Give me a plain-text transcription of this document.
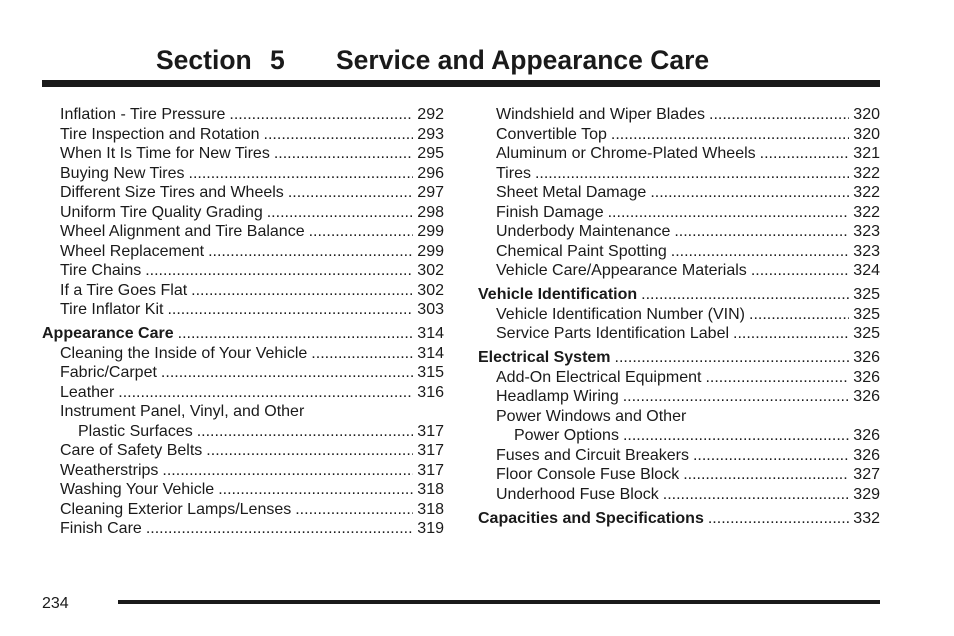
Section 5 Service and Appearance Care
Inflation - Tire Pressure .....	292
Tire Inspection and Rotation .....	293
When It Is Time for New Tires .....	295
Buying New Tires .....	296
Different Size Tires and Wheels .....	297
Uniform Tire Quality Grading .....	298
Wheel Alignment and Tire Balance .....	299
Wheel Replacement .....	299
Tire Chains .....	302
If a Tire Goes Flat .....	302
Tire Inflator Kit .....	303
Appearance Care .....	314
Cleaning the Inside of Your Vehicle .....	314
Fabric/Carpet .....	315
Leather .....	316
Instrument Panel, Vinyl, and Other
Plastic Surfaces .....	317
Care of Safety Belts .....	317
Weatherstrips .....	317
Washing Your Vehicle .....	318
Cleaning Exterior Lamps/Lenses .....	318
Finish Care .....	319
Windshield and Wiper Blades .....	320
Convertible Top .....	320
Aluminum or Chrome-Plated Wheels .....	321
Tires .....	322
Sheet Metal Damage .....	322
Finish Damage .....	322
Underbody Maintenance .....	323
Chemical Paint Spotting .....	323
Vehicle Care/Appearance Materials .....	324
Vehicle Identification .....	325
Vehicle Identification Number (VIN) .....	325
Service Parts Identification Label .....	325
Electrical System .....	326
Add-On Electrical Equipment .....	326
Headlamp Wiring .....	326
Power Windows and Other
Power Options .....	326
Fuses and Circuit Breakers .....	326
Floor Console Fuse Block .....	327
Underhood Fuse Block .....	329
Capacities and Specifications .....	332
234
